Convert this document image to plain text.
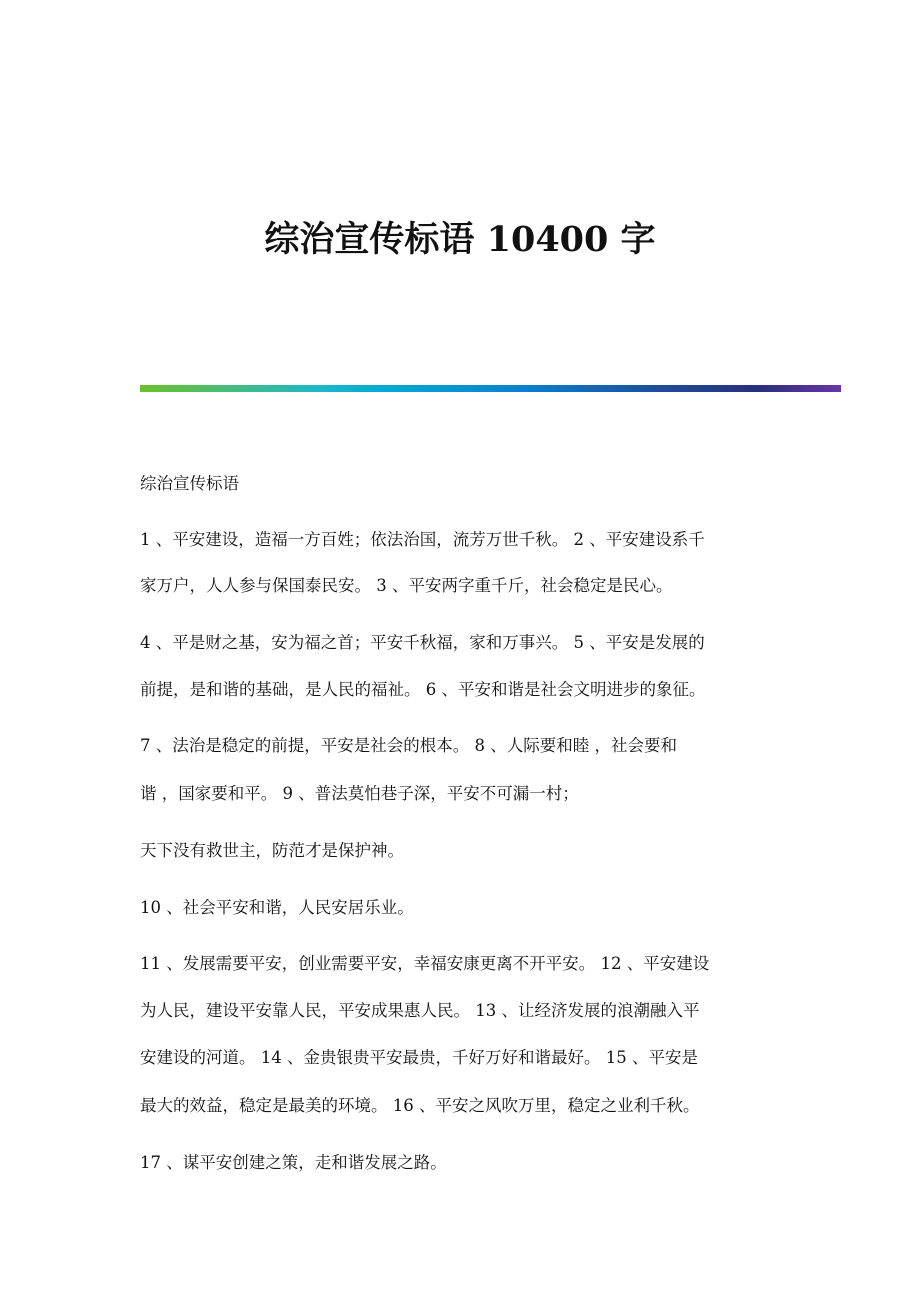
综治宣传标语 10400 字
综治宣传标语
1 、平安建设，造福一方百姓；依法治国，流芳万世千秋。 2 、平安建设系千
家万户，人人参与保国泰民安。 3 、平安两字重千斤，社会稳定是民心。
4 、平是财之基，安为福之首；平安千秋福，家和万事兴。 5 、平安是发展的
前提，是和谐的基础，是人民的福祉。 6 、平安和谐是社会文明进步的象征。
7 、法治是稳定的前提，平安是社会的根本。 8 、人际要和睦 ，社会要和
谐 ，国家要和平。 9 、普法莫怕巷子深，平安不可漏一村；
天下没有救世主，防范才是保护神。
10 、社会平安和谐，人民安居乐业。
11 、发展需要平安，创业需要平安，幸福安康更离不开平安。 12 、平安建设
为人民，建设平安靠人民，平安成果惠人民。 13 、让经济发展的浪潮融入平
安建设的河道。 14 、金贵银贵平安最贵，千好万好和谐最好。 15 、平安是
最大的效益，稳定是最美的环境。 16 、平安之风吹万里，稳定之业利千秋。
17 、谋平安创建之策，走和谐发展之路。
